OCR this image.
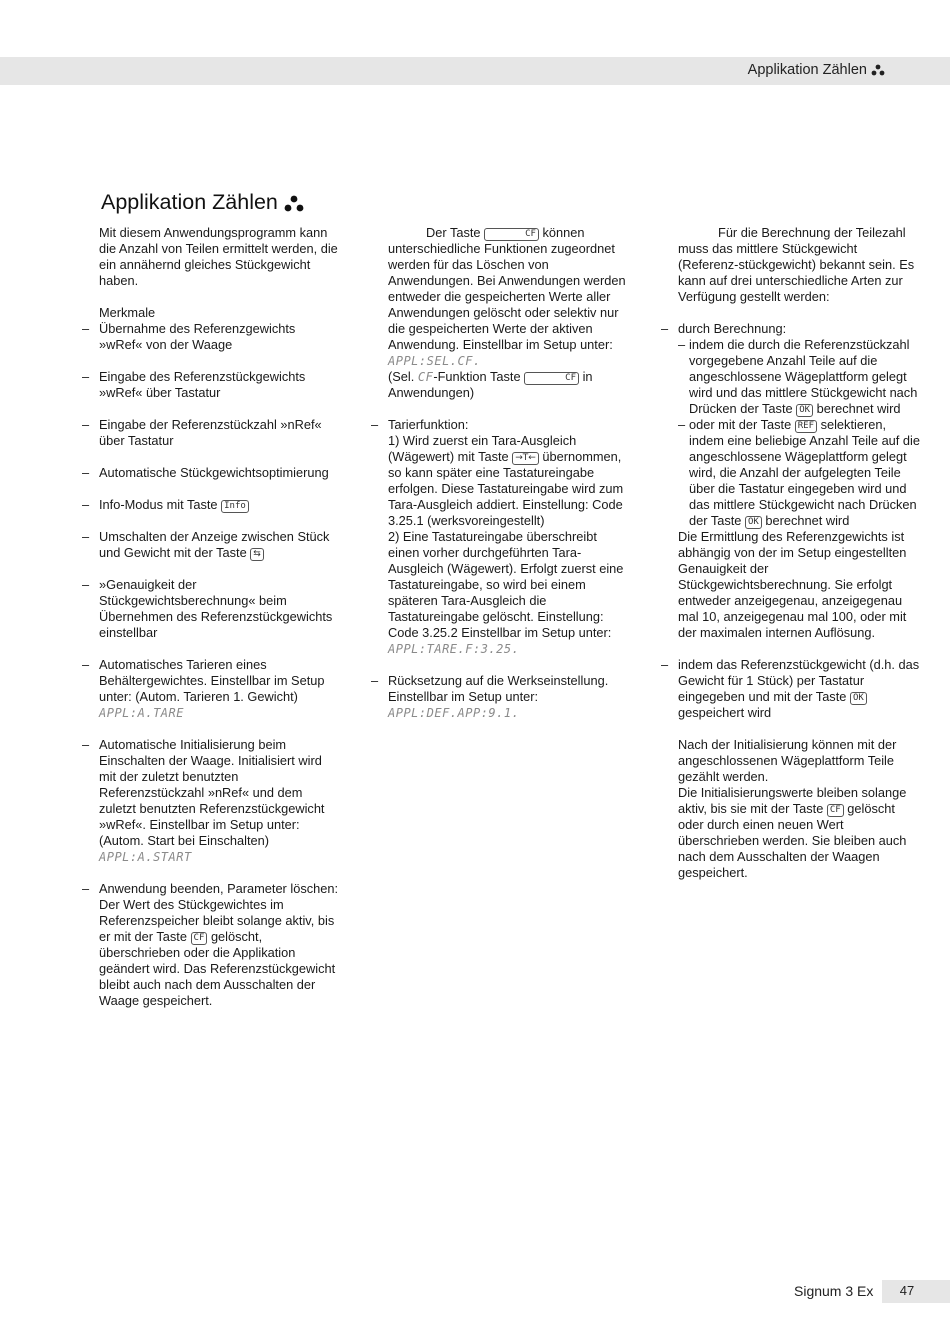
Applikation Zählen
Applikation Zählen

Mit diesem Anwendungsprogramm kann die Anzahl von Teilen ermittelt werden, die ein annähernd gleiches Stückgewicht haben.

Merkmale

– Übernahme des Referenzgewichts »wRef« von der Waage
– Eingabe des Referenzstückgewichts »wRef« über Tastatur
– Eingabe der Referenzstückzahl »nRef« über Tastatur
– Automatische Stückgewichtsoptimierung
– Info-Modus mit Taste Info
– Umschalten der Anzeige zwischen Stück und Gewicht mit der Taste ⇆
– »Genauigkeit der Stückgewichtsberechnung« beim Übernehmen des Referenzstückgewichts einstellbar
– Automatisches Tarieren eines Behältergewichtes. Einstellbar im Setup unter: (Autom. Tarieren 1. Gewicht)
APPL:A.TARE
– Automatische Initialisierung beim Einschalten der Waage. Initialisiert wird mit der zuletzt benutzten Referenzstückzahl »nRef« und dem zuletzt benutzten Referenzstückgewicht »wRef«. Einstellbar im Setup unter: (Autom. Start bei Einschalten)
APPL:A.START
– Anwendung beenden, Parameter löschen:
Der Wert des Stückgewichtes im Referenzspeicher bleibt solange aktiv, bis er mit der Taste CF gelöscht, überschrieben oder die Applikation geändert wird. Das Referenzstückgewicht bleibt auch nach dem Ausschalten der Waage gespeichert.

Der Taste	CF können unterschiedliche Funktionen zugeordnet werden für das Löschen von Anwendungen. Bei Anwendungen werden entweder die gespeicherten Werte aller Anwendungen gelöscht oder selektiv nur die gespeicherten Werte der aktiven Anwendung. Einstellbar im Setup unter:
APPL:SEL.CF.
(Sel. CF-Funktion Taste	CF in Anwendungen)

– Tarierfunktion:
1) Wird zuerst ein Tara-Ausgleich (Wägewert) mit Taste →T← übernommen, so kann später eine Tastatureingabe erfolgen. Diese Tastatureingabe wird zum Tara-Ausgleich addiert. Einstellung: Code 3.25.1 (werksvoreingestellt)
2) Eine Tastatureingabe überschreibt einen vorher durchgeführten Tara-Ausgleich (Wägewert). Erfolgt zuerst eine Tastatureingabe, so wird bei einem späteren Tara-Ausgleich die Tastatureingabe gelöscht. Einstellung: Code 3.25.2 Einstellbar im Setup unter:
APPL:TARE.F:3.25.
– Rücksetzung auf die Werkseinstellung. Einstellbar im Setup unter:
APPL:DEF.APP:9.1.

Für die Berechnung der Teilezahl muss das mittlere Stückgewicht (Referenz-stückgewicht) bekannt sein. Es kann auf drei unterschiedliche Arten zur Verfügung gestellt werden:

– durch Berechnung:
– indem die durch die Referenzstückzahl vorgegebene Anzahl Teile auf die angeschlossene Wägeplattform gelegt wird und das mittlere Stückgewicht nach Drücken der Taste OK berechnet wird
– oder mit der Taste REF selektieren, indem eine beliebige Anzahl Teile auf die angeschlossene Wägeplattform gelegt wird, die Anzahl der aufgelegten Teile über die Tastatur eingegeben wird und das mittlere Stückgewicht nach Drücken der Taste OK berechnet wird

Die Ermittlung des Referenzgewichts ist abhängig von der im Setup eingestellten Genauigkeit der Stückgewichtsberechnung. Sie erfolgt entweder anzeigegenau, anzeigegenau mal 10, anzeigegenau mal 100, oder mit der maximalen internen Auflösung.

– indem das Referenzstückgewicht (d.h. das Gewicht für 1 Stück) per Tastatur eingegeben und mit der Taste OK gespeichert wird

Nach der Initialisierung können mit der angeschlossenen Wägeplattform Teile gezählt werden.

Die Initialisierungswerte bleiben solange aktiv, bis sie mit der Taste CF gelöscht oder durch einen neuen Wert überschrieben werden. Sie bleiben auch nach dem Ausschalten der Waagen gespeichert.

Signum 3 Ex	47
